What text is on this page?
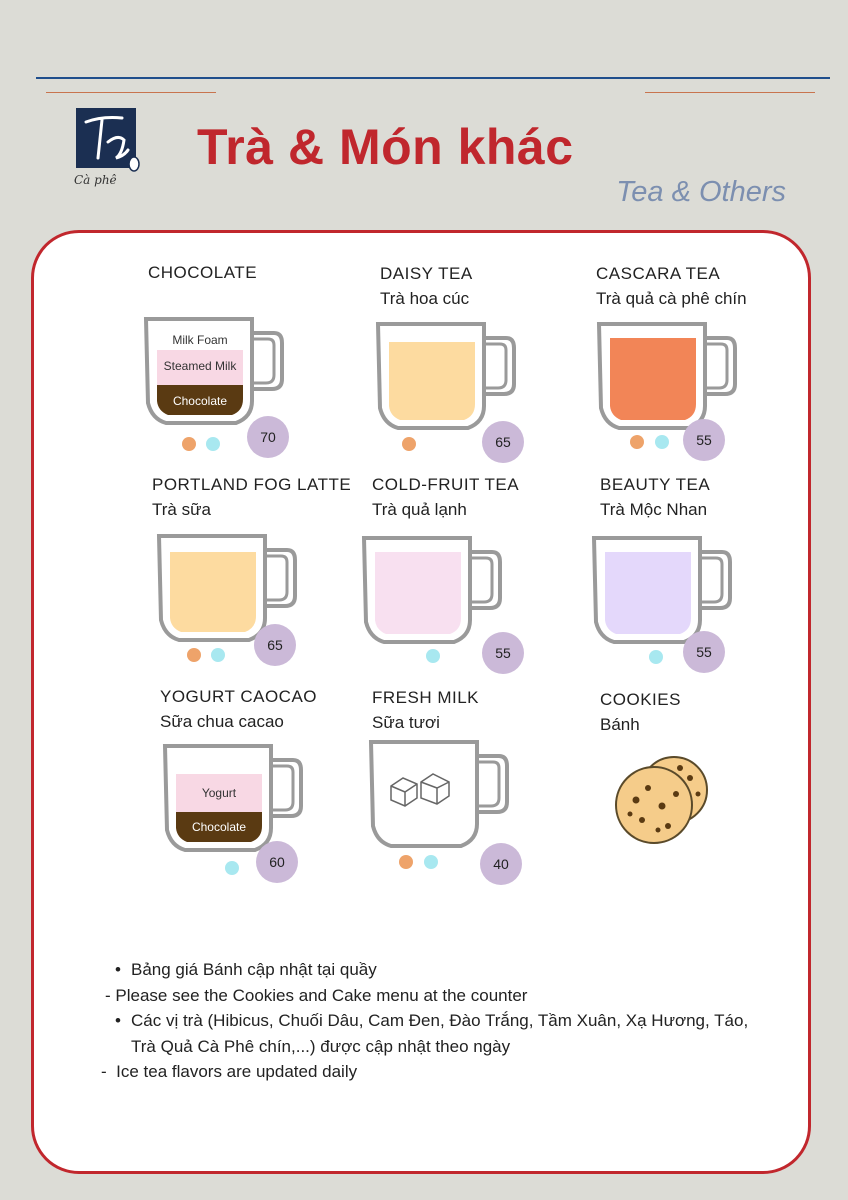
Cà phê
Trà & Món khác
Tea & Others
CHOCOLATE
Milk Foam
Steamed Milk
Chocolate
70
DAISY TEA
Trà hoa cúc
65
CASCARA TEA
Trà quả cà phê chín
55
PORTLAND FOG LATTE
Trà sữa
65
COLD-FRUIT TEA
Trà quả lạnh
55
BEAUTY TEA
Trà Mộc Nhan
55
YOGURT CAOCAO
Sữa chua cacao
Yogurt
Chocolate
60
FRESH MILK
Sữa tươi
40
COOKIES
Bánh
• Bảng giá Bánh cập nhật tại quầy
- Please see the Cookies and Cake menu at the counter
• Các vị trà (Hibicus, Chuối Dâu, Cam Đen, Đào Trắng, Tầm Xuân, Xạ Hương, Táo,
Trà Quả Cà Phê chín,...) được cập nhật theo ngày
- Ice tea flavors are updated daily
